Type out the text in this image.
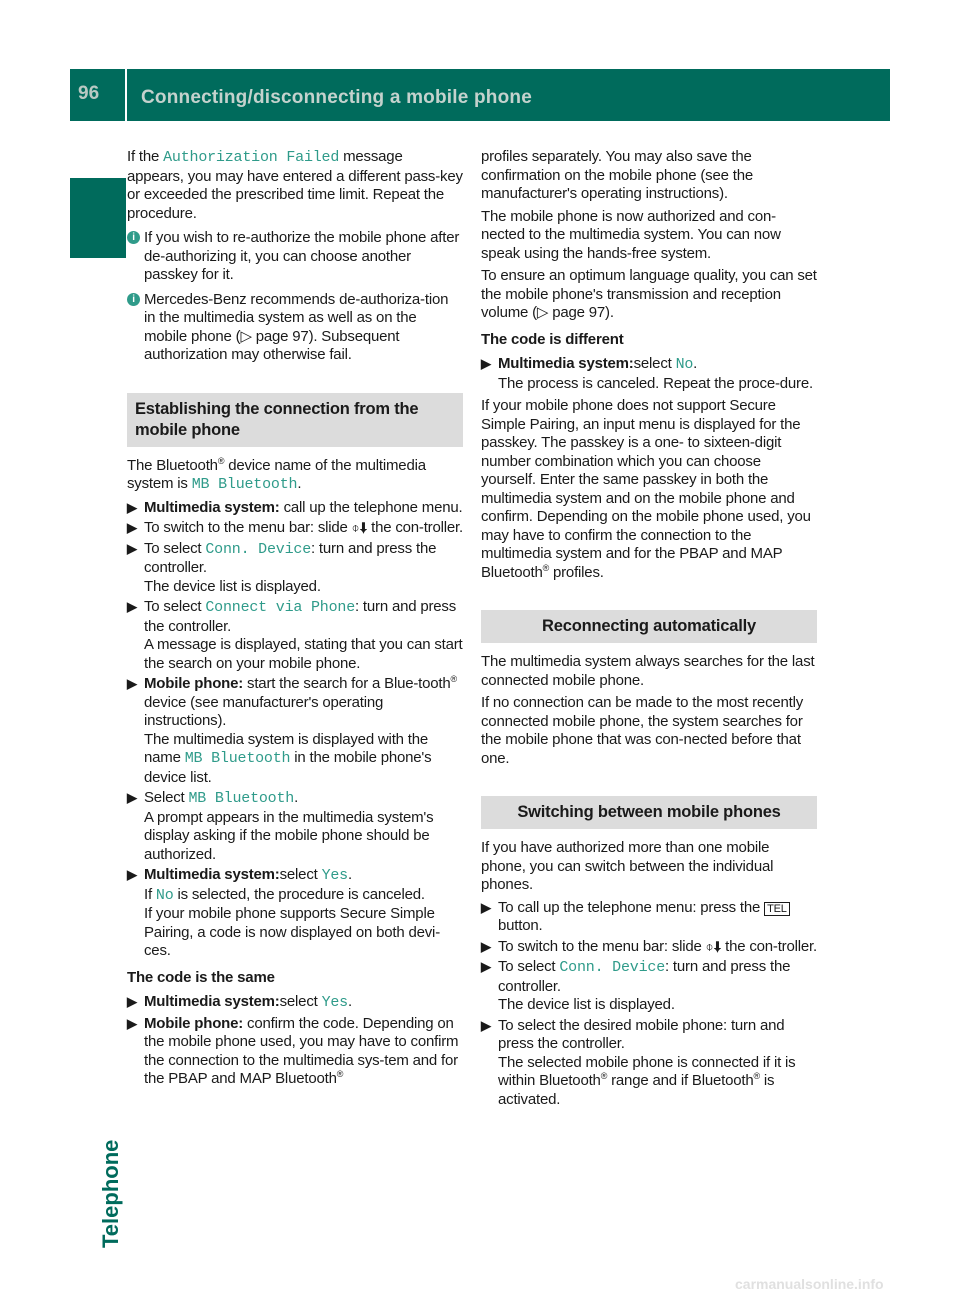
96	Connecting/disconnecting a mobile phone
Telephone

If the Authorization Failed message appears, you may have entered a different pass-key or exceeded the prescribed time limit. Repeat the procedure.

i If you wish to re-authorize the mobile phone after de-authorizing it, you can choose another passkey for it.
i Mercedes-Benz recommends de-authoriza-tion in the multimedia system as well as on the mobile phone (▷ page 97). Subsequent authorization may otherwise fail.
Establishing the connection from the mobile phone

The Bluetooth® device name of the multimedia system is MB Bluetooth.

▶ Multimedia system: call up the telephone menu.
▶ To switch to the menu bar: slide ⌽⬇ the con-troller.
▶ To select Conn. Device: turn and press the controller.
The device list is displayed.
▶ To select Connect via Phone: turn and press the controller.
A message is displayed, stating that you can start the search on your mobile phone.
▶ Mobile phone: start the search for a Blue-tooth® device (see manufacturer's operating instructions).
The multimedia system is displayed with the name MB Bluetooth in the mobile phone's device list.
▶ Select MB Bluetooth.
A prompt appears in the multimedia system's display asking if the mobile phone should be authorized.
▶ Multimedia system:select Yes.
If No is selected, the procedure is canceled.
If your mobile phone supports Secure Simple Pairing, a code is now displayed on both devi-ces.
The code is the same
▶ Multimedia system:select Yes.
▶ Mobile phone: confirm the code. Depending on the mobile phone used, you may have to confirm the connection to the multimedia sys-tem and for the PBAP and MAP Bluetooth®

profiles separately. You may also save the confirmation on the mobile phone (see the manufacturer's operating instructions).

The mobile phone is now authorized and con-nected to the multimedia system. You can now speak using the hands-free system.

To ensure an optimum language quality, you can set the mobile phone's transmission and reception volume (▷ page 97).

The code is different
▶ Multimedia system:select No.
The process is canceled. Repeat the proce-dure.

If your mobile phone does not support Secure Simple Pairing, an input menu is displayed for the passkey. The passkey is a one- to sixteen-digit number combination which you can choose yourself. Enter the same passkey in both the multimedia system and on the mobile phone and confirm. Depending on the mobile phone used, you may have to confirm the connection to the multimedia system and for the PBAP and MAP Bluetooth® profiles.

Reconnecting automatically

The multimedia system always searches for the last connected mobile phone.

If no connection can be made to the most recently connected mobile phone, the system searches for the mobile phone that was con-nected before that one.

Switching between mobile phones

If you have authorized more than one mobile phone, you can switch between the individual phones.

▶ To call up the telephone menu: press the TEL button.
▶ To switch to the menu bar: slide ⌽⬇ the con-troller.
▶ To select Conn. Device: turn and press the controller.
The device list is displayed.
▶ To select the desired mobile phone: turn and press the controller.
The selected mobile phone is connected if it is within Bluetooth® range and if Bluetooth® is activated.
carmanualsonline.info
